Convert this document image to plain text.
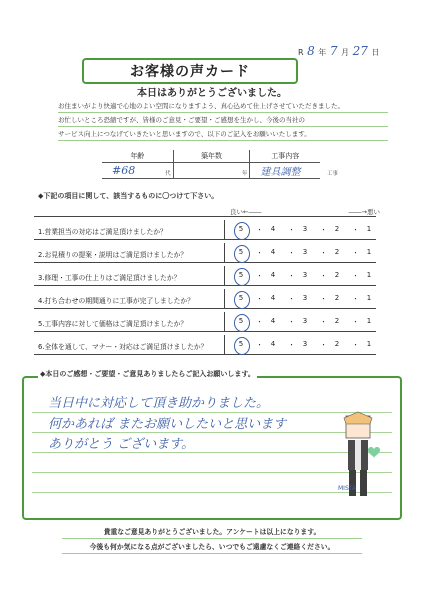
R 8 年 7 月 27 日
お客様の声カード
本日はありがとうございました。
お住まいがより快適で心地のよい空間になりますよう、真心込めて仕上げさせていただきました。
お忙しいところ恐縮ですが、皆様のご意見・ご要望・ご感想を生かし、今後の当社の
サービス向上につなげていきたいと思いますので、以下のご記入をお願いいたします。
年齢	築年数	工事内容
#68 代	年	建具調整 工事
◆下記の項目に関して、該当するものに〇つけて下さい。
良い←――	――→悪い
1.営業担当の対応はご満足頂けましたか？	5	・	4	・	3	・	2	・	1
2.お見積りの提案・説明はご満足頂けましたか？	5	・	4	・	3	・	2	・	1
3.修理・工事の仕上りはご満足頂けましたか？	5	・	4	・	3	・	2	・	1
4.打ち合わせの期間通りに工事が完了しましたか？	5	・	4	・	3	・	2	・	1
5.工事内容に対して価格はご満足頂けましたか？	5	・	4	・	3	・	2	・	1
6.全体を通して、マナー・対応はご満足頂けましたか？	5	・	4	・	3	・	2	・	1
◆本日のご感想・ご要望・ご意見ありましたらご記入お願いします。
当日中に対応して頂き助かりました。
何かあれば またお願いしたいと思います
ありがとう ございます。
MISTA
貴重なご意見ありがとうございました。アンケートは以上になります。
今後も何か気になる点がございましたら、いつでもご遠慮なくご連絡ください。
